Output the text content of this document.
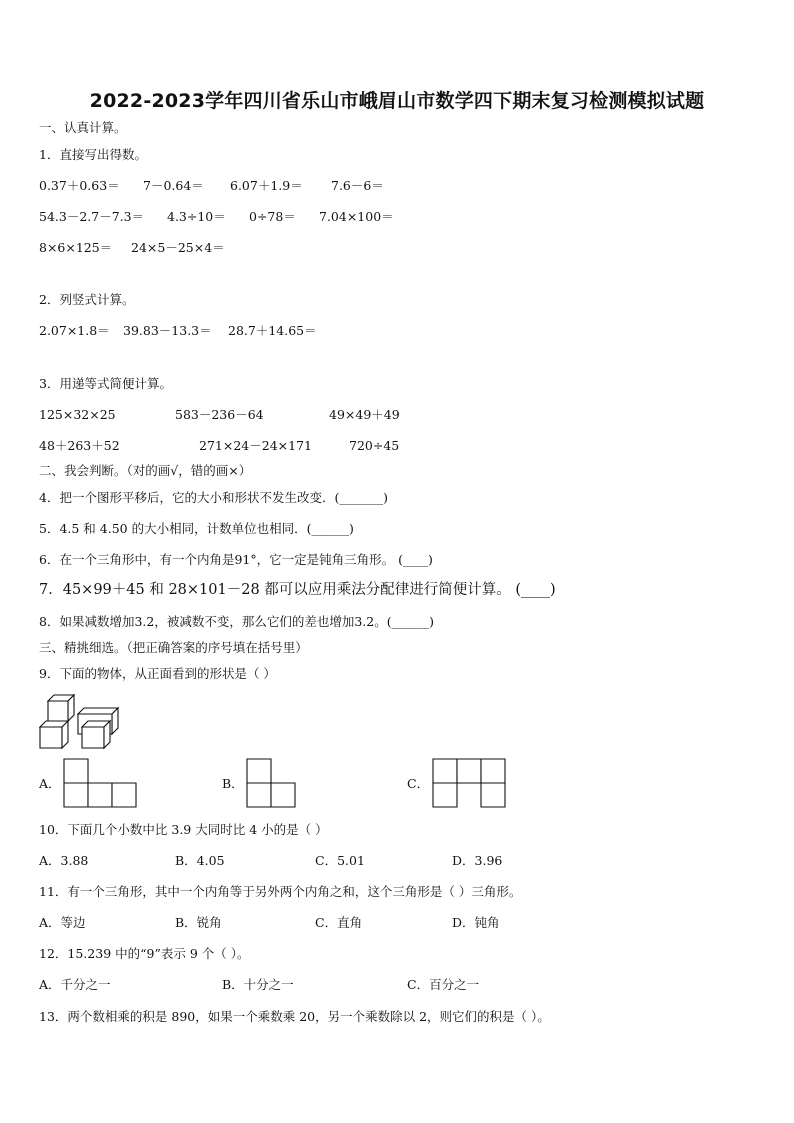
2022-2023学年四川省乐山市峨眉山市数学四下期末复习检测模拟试题
一、认真计算。
1．直接写出得数。
0.37＋0.63＝ 7－0.64＝ 6.07＋1.9＝ 7.6－6＝
54.3－2.7－7.3＝ 4.3÷10＝ 0÷78＝ 7.04×100＝
8×6×125＝ 24×5－25×4＝
2．列竖式计算。
2.07×1.8＝ 39.83－13.3＝ 28.7＋14.65＝
3．用递等式简便计算。
125×32×25	583－236－64	49×49＋49
48＋263＋52	271×24－24×171	720÷45
二、我会判断。（对的画√，错的画×）
4．把一个图形平移后，它的大小和形状不发生改变．(_______)
5．4.5 和 4.50 的大小相同，计数单位也相同．(______)
6．在一个三角形中，有一个内角是91°，它一定是钝角三角形。 (____)
7．45×99＋45 和 28×101－28 都可以应用乘法分配律进行简便计算。 (____)
8．如果减数增加3.2，被减数不变，那么它们的差也增加3.2。(______)
三、精挑细选。（把正确答案的序号填在括号里）
9．下面的物体，从正面看到的形状是（ ）
A．	B．	C．
10．下面几个小数中比 3.9 大同时比 4 小的是（ ）
A．3.88	B．4.05	C．5.01	D．3.96
11．有一个三角形，其中一个内角等于另外两个内角之和，这个三角形是（ ）三角形。
A．等边	B．锐角	C．直角	D．钝角
12．15.239 中的“9”表示 9 个（ ）。
A．千分之一	B．十分之一	C．百分之一
13．两个数相乘的积是 890，如果一个乘数乘 20，另一个乘数除以 2，则它们的积是（ ）。
